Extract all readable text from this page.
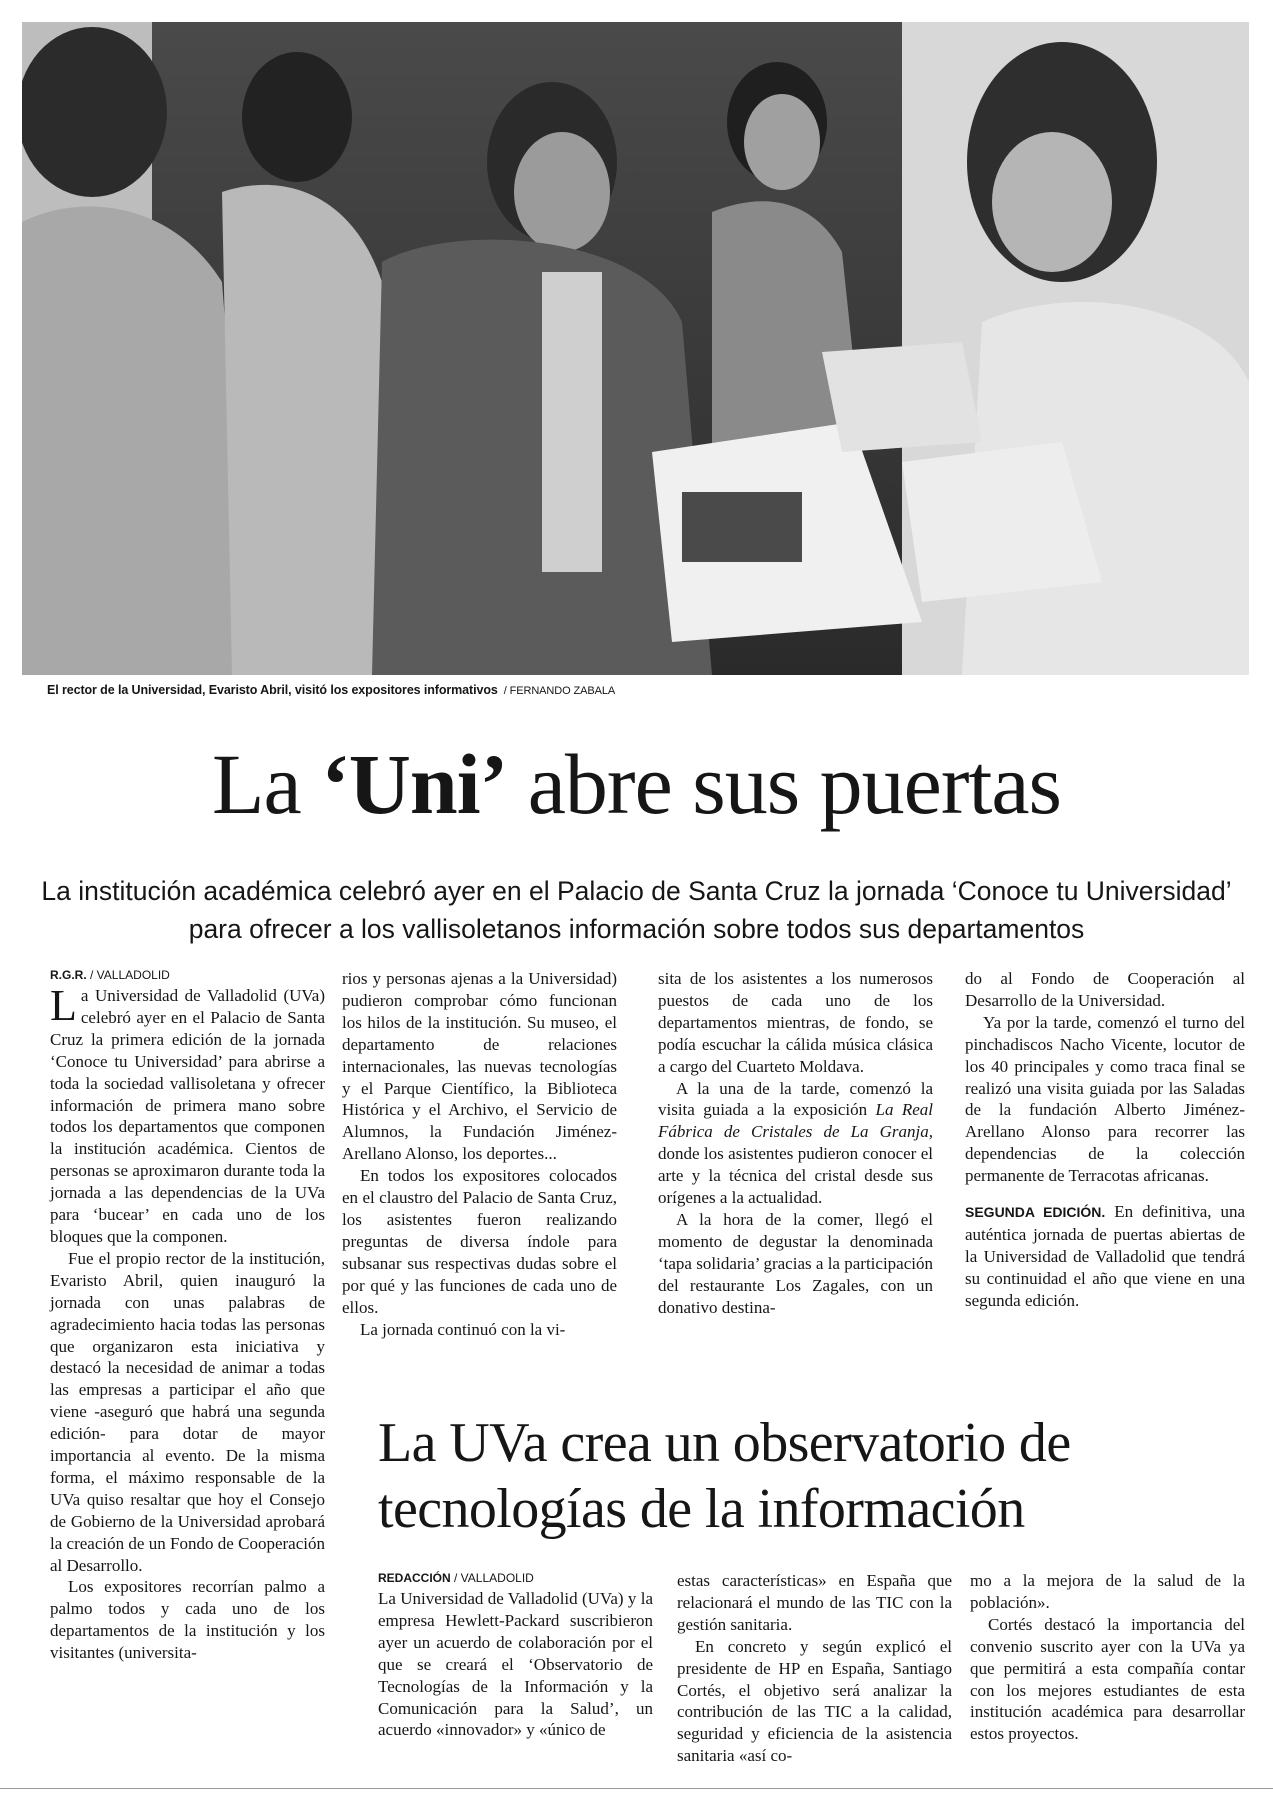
El rector de la Universidad, Evaristo Abril, visitó los expositores informativos / FERNANDO ZABALA
La ‘Uni’ abre sus puertas
La institución académica celebró ayer en el Palacio de Santa Cruz la jornada ‘Conoce tu Universidad’ para ofrecer a los vallisoletanos información sobre todos sus departamentos
R.G.R. / VALLADOLID

La Universidad de Valladolid (UVa) celebró ayer en el Palacio de Santa Cruz la primera edición de la jornada ‘Conoce tu Universidad’ para abrirse a toda la sociedad vallisoletana y ofrecer información de primera mano sobre todos los departamentos que componen la institución académica. Cientos de personas se aproximaron durante toda la jornada a las dependencias de la UVa para ‘bucear’ en cada uno de los bloques que la componen.

Fue el propio rector de la institución, Evaristo Abril, quien inauguró la jornada con unas palabras de agradecimiento hacia todas las personas que organizaron esta iniciativa y destacó la necesidad de animar a todas las empresas a participar el año que viene -aseguró que habrá una segunda edición- para dotar de mayor importancia al evento. De la misma forma, el máximo responsable de la UVa quiso resaltar que hoy el Consejo de Gobierno de la Universidad aprobará la creación de un Fondo de Cooperación al Desarrollo.

Los expositores recorrían palmo a palmo todos y cada uno de los departamentos de la institución y los visitantes (universita-

rios y personas ajenas a la Universidad) pudieron comprobar cómo funcionan los hilos de la institución. Su museo, el departamento de relaciones internacionales, las nuevas tecnologías y el Parque Científico, la Biblioteca Histórica y el Archivo, el Servicio de Alumnos, la Fundación Jiménez-Arellano Alonso, los deportes...

En todos los expositores colocados en el claustro del Palacio de Santa Cruz, los asistentes fueron realizando preguntas de diversa índole para subsanar sus respectivas dudas sobre el por qué y las funciones de cada uno de ellos.

La jornada continuó con la vi-

sita de los asistentes a los numerosos puestos de cada uno de los departamentos mientras, de fondo, se podía escuchar la cálida música clásica a cargo del Cuarteto Moldava.

A la una de la tarde, comenzó la visita guiada a la exposición La Real Fábrica de Cristales de La Granja, donde los asistentes pudieron conocer el arte y la técnica del cristal desde sus orígenes a la actualidad.

A la hora de la comer, llegó el momento de degustar la denominada ‘tapa solidaria’ gracias a la participación del restaurante Los Zagales, con un donativo destina-

do al Fondo de Cooperación al Desarrollo de la Universidad.

Ya por la tarde, comenzó el turno del pinchadiscos Nacho Vicente, locutor de los 40 principales y como traca final se realizó una visita guiada por las Saladas de la fundación Alberto Jiménez-Arellano Alonso para recorrer las dependencias de la colección permanente de Terracotas africanas.

SEGUNDA EDICIÓN. En definitiva, una auténtica jornada de puertas abiertas de la Universidad de Valladolid que tendrá su continuidad el año que viene en una segunda edición.

La UVa crea un observatorio de tecnologías de la información
REDACCIÓN / VALLADOLID

La Universidad de Valladolid (UVa) y la empresa Hewlett-Packard suscribieron ayer un acuerdo de colaboración por el que se creará el ‘Observatorio de Tecnologías de la Información y la Comunicación para la Salud’, un acuerdo «innovador» y «único de

estas características» en España que relacionará el mundo de las TIC con la gestión sanitaria.

En concreto y según explicó el presidente de HP en España, Santiago Cortés, el objetivo será analizar la contribución de las TIC a la calidad, seguridad y eficiencia de la asistencia sanitaria «así co-

mo a la mejora de la salud de la población».

Cortés destacó la importancia del convenio suscrito ayer con la UVa ya que permitirá a esta compañía contar con los mejores estudiantes de esta institución académica para desarrollar estos proyectos.
